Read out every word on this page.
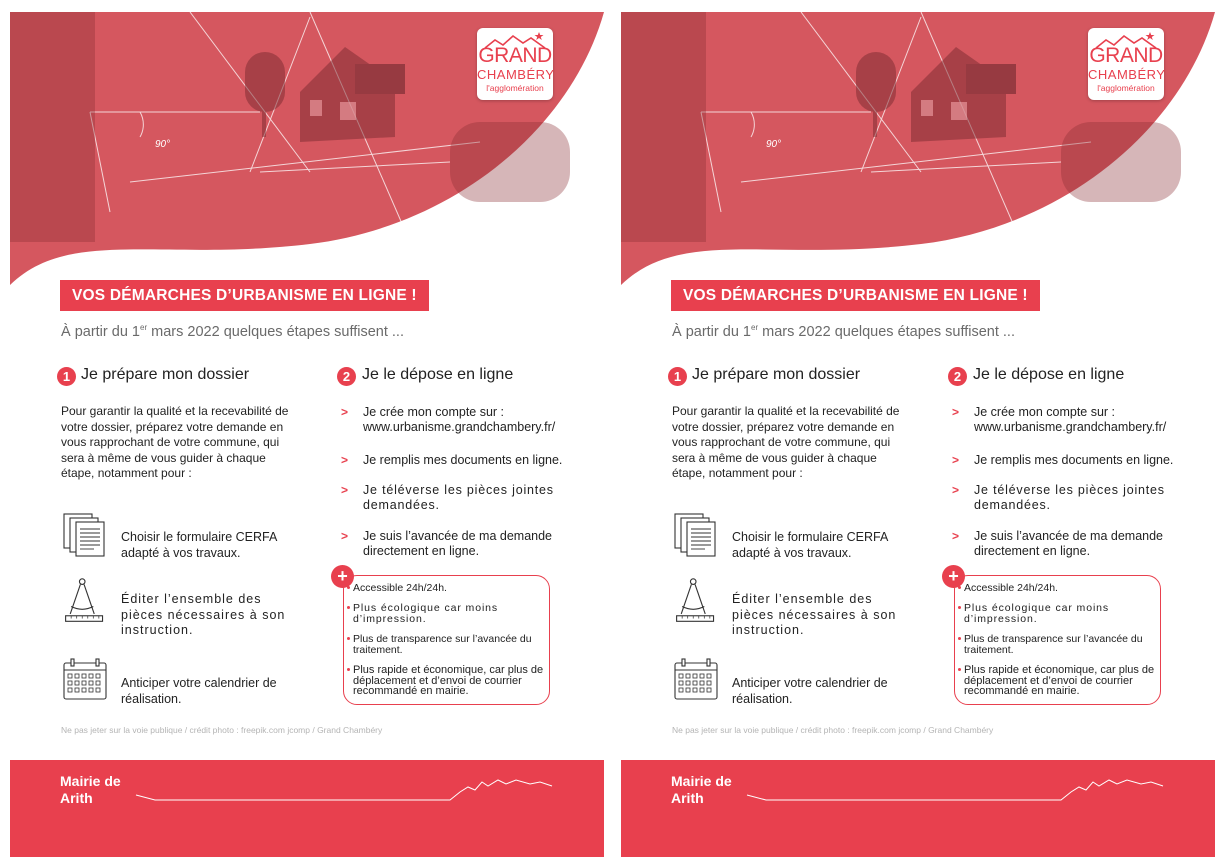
90°
GRAND
CHAMBÉRY
l'agglomération
VOS DÉMARCHES D’URBANISME EN LIGNE !
À partir du 1er mars 2022 quelques étapes suffisent ...
1 Je prépare mon dossier	2 Je le dépose en ligne
Pour garantir la qualité et la recevabilité de votre dossier, préparez votre demande en vous rapprochant de votre commune, qui sera à même de vous guider à chaque étape, notamment pour :
Choisir le formulaire CERFA adapté à vos travaux.
Éditer l’ensemble des pièces nécessaires à son instruction.
Anticiper votre calendrier de réalisation.
> Je crée mon compte sur : www.urbanisme.grandchambery.fr/
> Je remplis mes documents en ligne.
> Je téléverse les pièces jointes demandées.
> Je suis l’avancée de ma demande directement en ligne.
+
Accessible 24h/24h.
Plus écologique car moins d’impression.
Plus de transparence sur l’avancée du traitement.
Plus rapide et économique, car plus de déplacement et d’envoi de courrier recommandé en mairie.
Ne pas jeter sur la voie publique / crédit photo : freepik.com jcomp / Grand Chambéry
Mairie de Arith
90°
GRAND
CHAMBÉRY
l'agglomération
VOS DÉMARCHES D’URBANISME EN LIGNE !
À partir du 1er mars 2022 quelques étapes suffisent ...
1 Je prépare mon dossier	2 Je le dépose en ligne
Pour garantir la qualité et la recevabilité de votre dossier, préparez votre demande en vous rapprochant de votre commune, qui sera à même de vous guider à chaque étape, notamment pour :
Choisir le formulaire CERFA adapté à vos travaux.
Éditer l’ensemble des pièces nécessaires à son instruction.
Anticiper votre calendrier de réalisation.
> Je crée mon compte sur : www.urbanisme.grandchambery.fr/
> Je remplis mes documents en ligne.
> Je téléverse les pièces jointes demandées.
> Je suis l’avancée de ma demande directement en ligne.
+
Accessible 24h/24h.
Plus écologique car moins d’impression.
Plus de transparence sur l’avancée du traitement.
Plus rapide et économique, car plus de déplacement et d’envoi de courrier recommandé en mairie.
Ne pas jeter sur la voie publique / crédit photo : freepik.com jcomp / Grand Chambéry
Mairie de Arith
